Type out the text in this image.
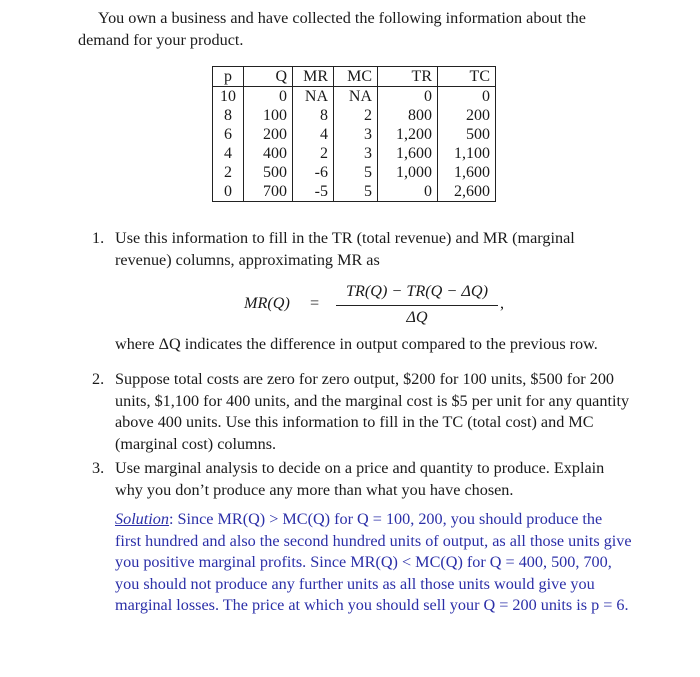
You own a business and have collected the following information about the demand for your product.
p	Q	MR	MC	TR	TC
10	0	NA	NA	0	0
8	100	8	2	800	200
6	200	4	3	1,200	500
4	400	2	3	1,600	1,100
2	500	-6	5	1,000	1,600
0	700	-5	5	0	2,600
1. Use this information to fill in the TR (total revenue) and MR (marginal revenue) columns, approximating MR as
MR(Q) =
TR(Q) − TR(Q − ΔQ)
ΔQ
,
where ΔQ indicates the difference in output compared to the previous row.
2. Suppose total costs are zero for zero output, $200 for 100 units, $500 for 200 units, $1,100 for 400 units, and the marginal cost is $5 per unit for any quantity above 400 units. Use this information to fill in the TC (total cost) and MC (marginal cost) columns.
3. Use marginal analysis to decide on a price and quantity to produce. Explain why you don’t produce any more than what you have chosen.
Solution: Since MR(Q) > MC(Q) for Q = 100, 200, you should produce the first hundred and also the second hundred units of output, as all those units give you positive marginal profits. Since MR(Q) < MC(Q) for Q = 400, 500, 700, you should not produce any further units as all those units would give you marginal losses. The price at which you should sell your Q = 200 units is p = 6.
